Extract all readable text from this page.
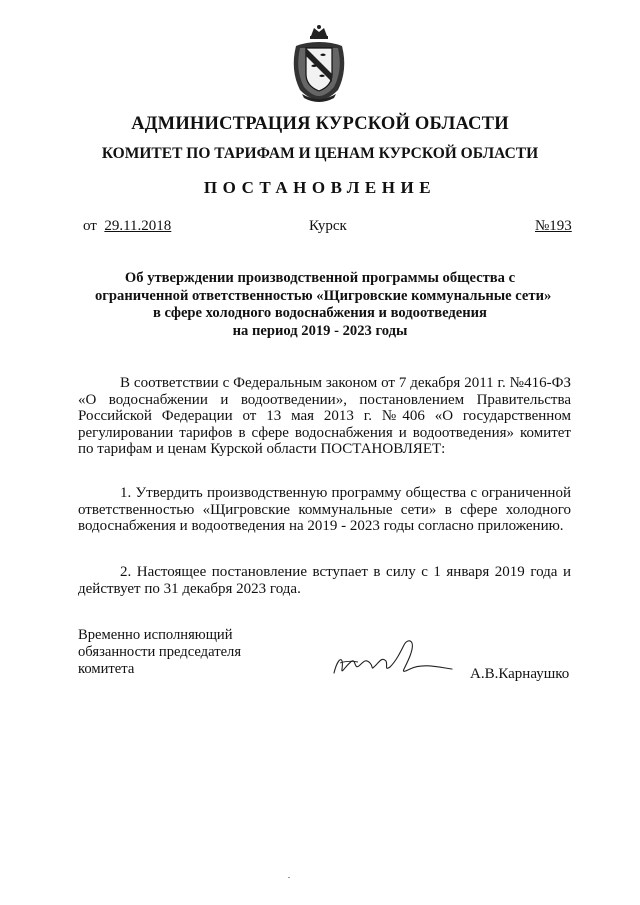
АДМИНИСТРАЦИЯ КУРСКОЙ ОБЛАСТИ
КОМИТЕТ ПО ТАРИФАМ И ЦЕНАМ КУРСКОЙ ОБЛАСТИ
ПОСТАНОВЛЕНИЕ
от 29.11.2018	Курск	№193
Об утверждении производственной программы общества с
ограниченной ответственностью «Щигровские коммунальные сети»
в сфере холодного водоснабжения и водоотведения
на период 2019 - 2023 годы
В соответствии с Федеральным законом от 7 декабря 2011 г. №416-ФЗ «О водоснабжении и водоотведении», постановлением Правительства Российской Федерации от 13 мая 2013 г. №406 «О государственном регулировании тарифов в сфере водоснабжения и водоотведения» комитет по тарифам и ценам Курской области ПОСТАНОВЛЯЕТ:
1. Утвердить производственную программу общества с ограниченной ответственностью «Щигровские коммунальные сети» в сфере холодного водоснабжения и водоотведения на 2019 - 2023 годы согласно приложению.
2. Настоящее постановление вступает в силу с 1 января 2019 года и действует по 31 декабря 2023 года.
Временно исполняющий
обязанности председателя
комитета	А.В.Карнаушко
